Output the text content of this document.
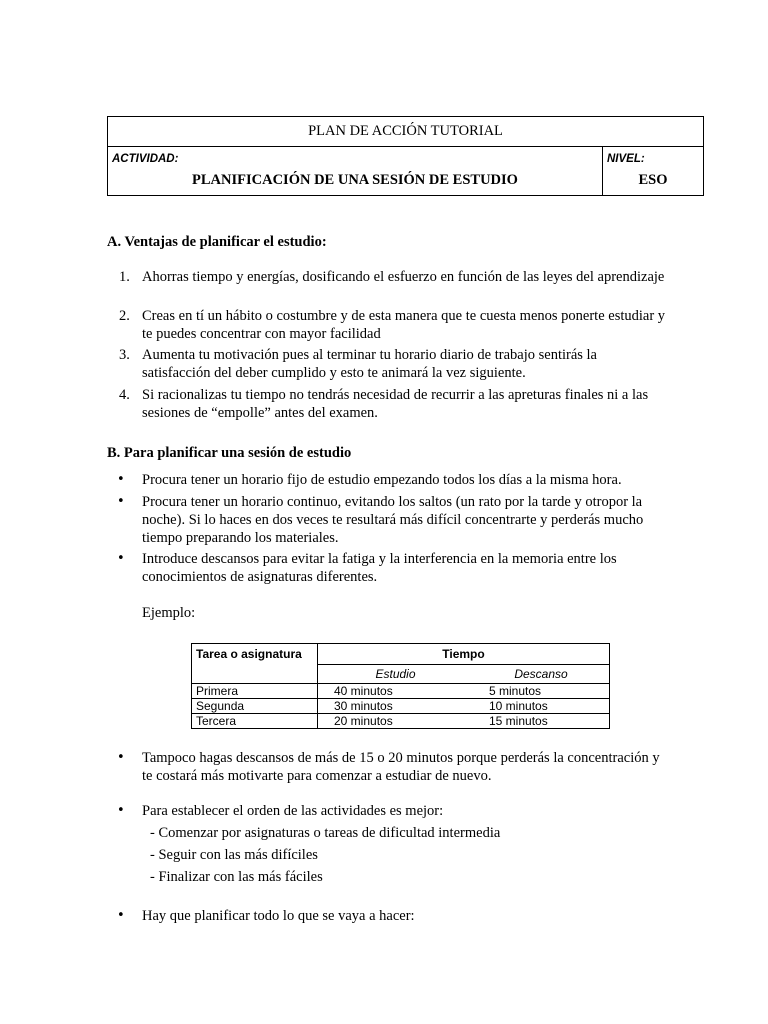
PLAN DE ACCIÓN TUTORIAL
ACTIVIDAD:
PLANIFICACIÓN DE UNA SESIÓN DE ESTUDIO
NIVEL:
ESO
A. Ventajas de planificar el estudio:
1. Ahorras tiempo y energías, dosificando el esfuerzo en función de las leyes del aprendizaje
2. Creas en tí un hábito o costumbre y de esta manera que te cuesta menos ponerte estudiar y te puedes concentrar con mayor facilidad
3. Aumenta tu motivación pues al terminar tu horario diario de trabajo sentirás la satisfacción del deber cumplido y esto te animará la vez siguiente.
4. Si racionalizas tu tiempo no tendrás necesidad de recurrir a las apreturas finales ni a las sesiones de “empolle” antes del examen.
B. Para planificar una sesión de estudio
• Procura tener un horario fijo de estudio empezando todos los días a la misma hora.
• Procura tener un horario continuo, evitando los saltos (un rato por la tarde y otropor la noche). Si lo haces en dos veces te resultará más difícil concentrarte y perderás mucho tiempo preparando los materiales.
• Introduce descansos para evitar la fatiga y la interferencia en la memoria entre los conocimientos de asignaturas diferentes.
Ejemplo:
Tarea o asignatura	Tiempo	
	Estudio	Descanso
Primera	40 minutos	5 minutos
Segunda	30 minutos	10 minutos
Tercera	20 minutos	15 minutos
• Tampoco hagas descansos de más de 15 o 20 minutos porque perderás la concentración y te costará más motivarte para comenzar a estudiar de nuevo.
• Para establecer el orden de las actividades es mejor:
- Comenzar por asignaturas o tareas de dificultad intermedia
- Seguir con las más difíciles
- Finalizar con las más fáciles
• Hay que planificar todo lo que se vaya a hacer:
